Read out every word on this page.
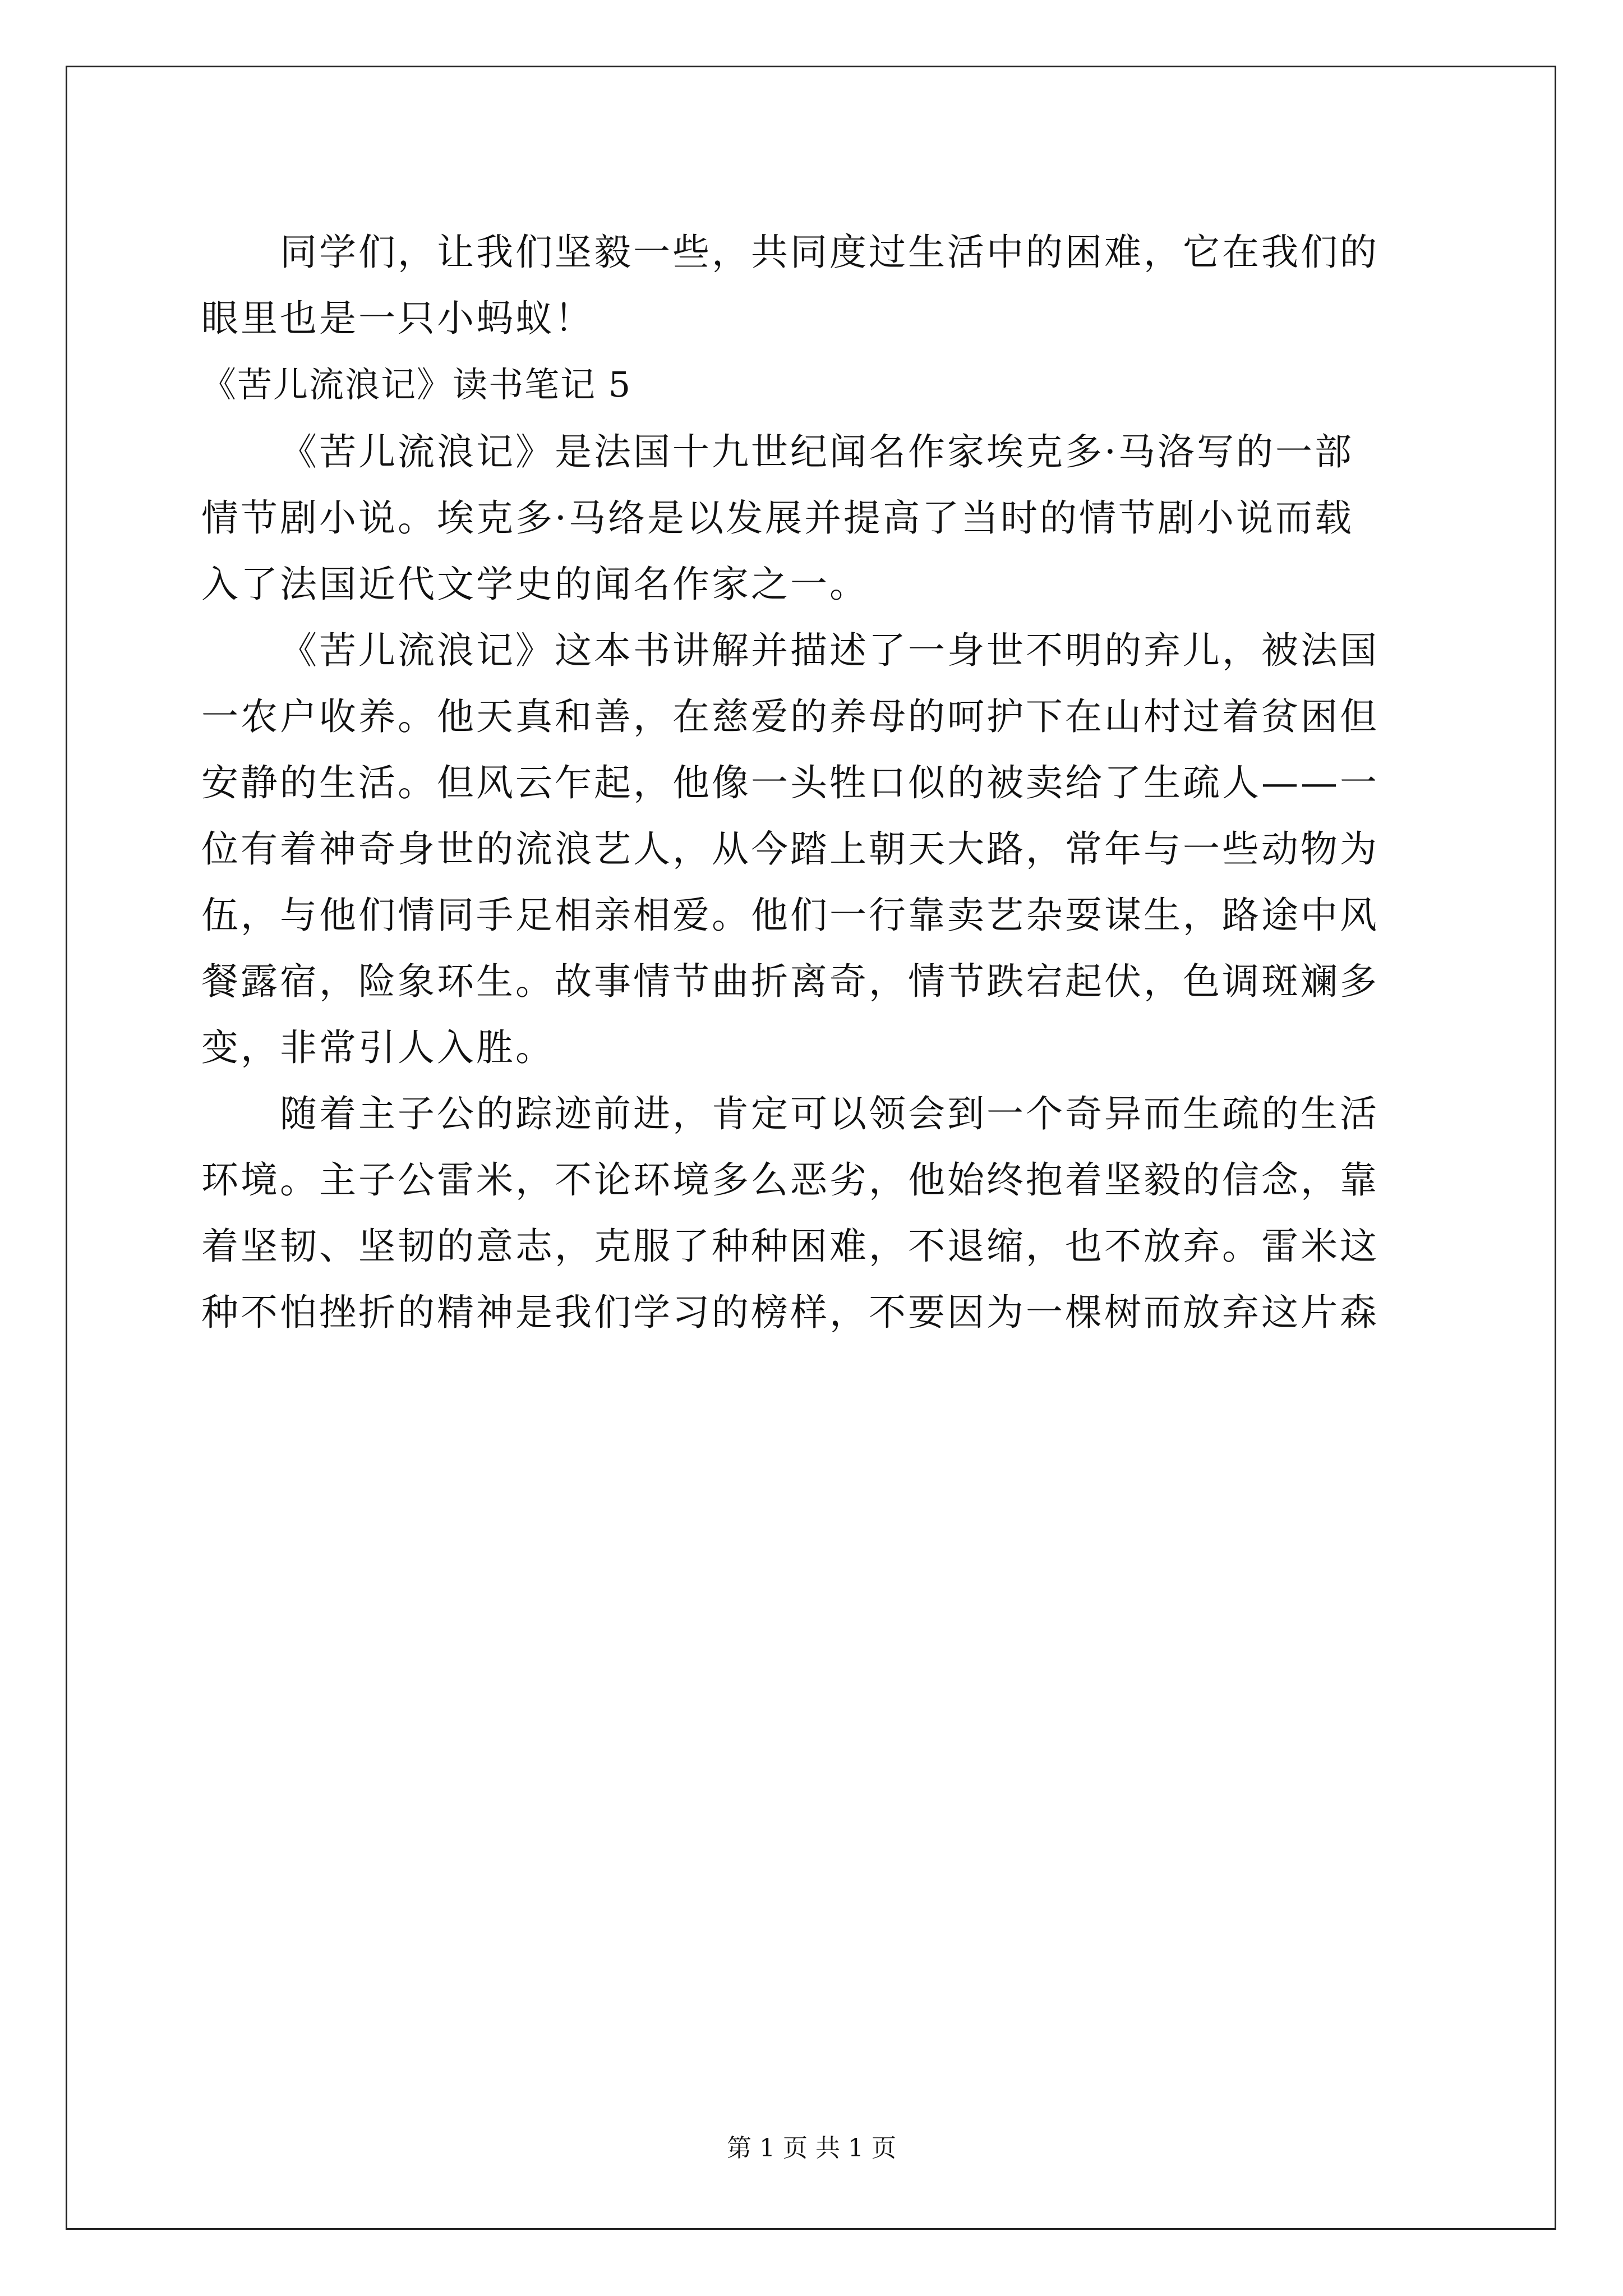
同学们，让我们坚毅一些，共同度过生活中的困难，它在我们的
眼里也是一只小蚂蚁！
《苦儿流浪记》读书笔记 5
《苦儿流浪记》是法国十九世纪闻名作家埃克多·马洛写的一部
情节剧小说。埃克多·马络是以发展并提高了当时的情节剧小说而载
入了法国近代文学史的闻名作家之一。
《苦儿流浪记》这本书讲解并描述了一身世不明的弃儿，被法国
一农户收养。他天真和善，在慈爱的养母的呵护下在山村过着贫困但
安静的生活。但风云乍起，他像一头牲口似的被卖给了生疏人——一
位有着神奇身世的流浪艺人，从今踏上朝天大路，常年与一些动物为
伍，与他们情同手足相亲相爱。他们一行靠卖艺杂耍谋生，路途中风
餐露宿，险象环生。故事情节曲折离奇，情节跌宕起伏，色调斑斓多
变，非常引人入胜。
随着主子公的踪迹前进，肯定可以领会到一个奇异而生疏的生活
环境。主子公雷米，不论环境多么恶劣，他始终抱着坚毅的信念，靠
着坚韧、坚韧的意志，克服了种种困难，不退缩，也不放弃。雷米这
种不怕挫折的精神是我们学习的榜样，不要因为一棵树而放弃这片森
第 1 页 共 1 页
